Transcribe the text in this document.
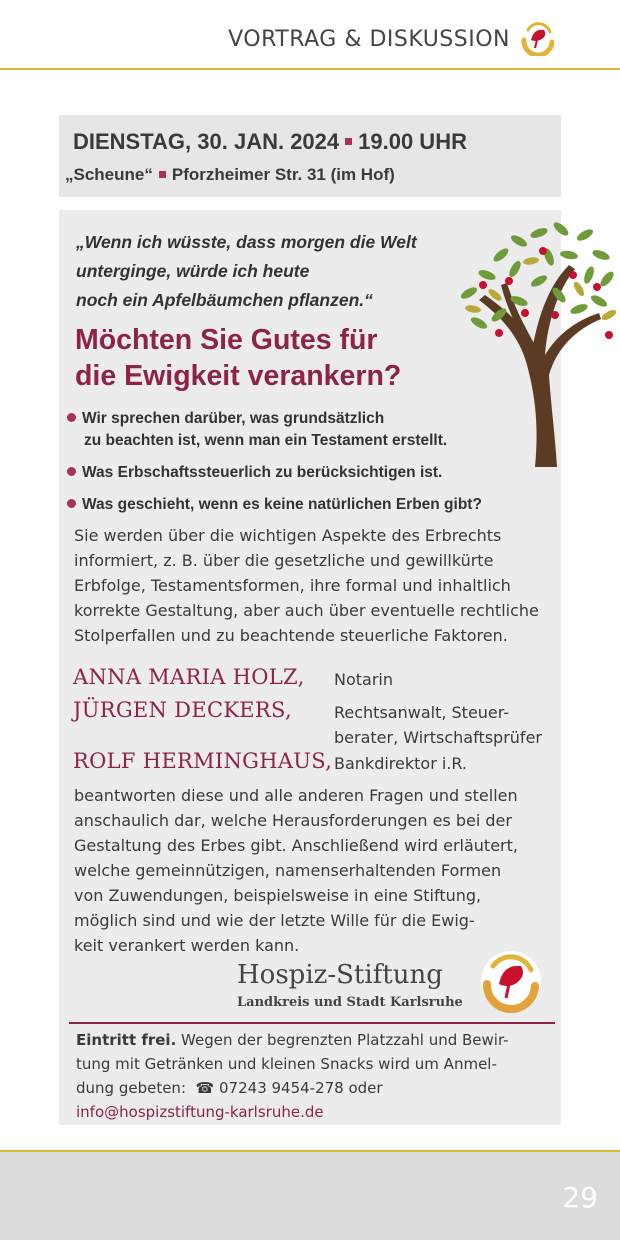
VORTRAG & DISKUSSION
DIENSTAG, 30. JAN. 2024 19.00 UHR
„Scheune“ Pforzheimer Str. 31 (im Hof)
„Wenn ich wüsste, dass morgen die Welt
unterginge, würde ich heute
noch ein Apfelbäumchen pflanzen.“
Möchten Sie Gutes für
die Ewigkeit verankern?
Wir sprechen darüber, was grundsätzlich
zu beachten ist, wenn man ein Testament erstellt.
Was Erbschaftssteuerlich zu berücksichtigen ist.
Was geschieht, wenn es keine natürlichen Erben gibt?
Sie werden über die wichtigen Aspekte des Erbrechts
informiert, z. B. über die gesetzliche und gewillkürte
Erbfolge, Testamentsformen, ihre formal und inhaltlich
korrekte Gestaltung, aber auch über eventuelle rechtliche
Stolperfallen und zu beachtende steuerliche Faktoren.
ANNA MARIA HOLZ, Notarin
JÜRGEN DECKERS,	Rechtsanwalt, Steuer-
berater, Wirtschaftsprüfer
ROLF HERMINGHAUS, Bankdirektor i.R.
beantworten diese und alle anderen Fragen und stellen
anschaulich dar, welche Herausforderungen es bei der
Gestaltung des Erbes gibt. Anschließend wird erläutert,
welche gemeinnützigen, namenserhaltenden Formen
von Zuwendungen, beispielsweise in eine Stiftung,
möglich sind und wie der letzte Wille für die Ewig-
keit verankert werden kann.
Hospiz-Stiftung
Landkreis und Stadt Karlsruhe
Eintritt frei. Wegen der begrenzten Platzzahl und Bewir-
tung mit Getränken und kleinen Snacks wird um Anmel-
dung gebeten: ☎ 07243 9454-278 oder
info@hospizstiftung-karlsruhe.de
29
